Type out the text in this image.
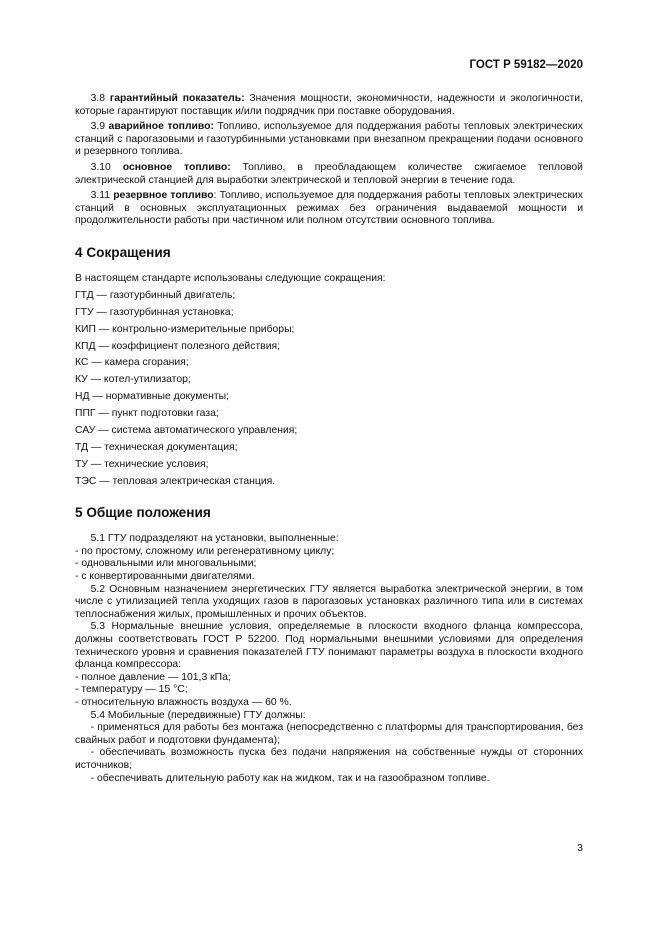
ГОСТ Р 59182—2020

  3.8 гарантийный показатель: Значения мощности, экономичности, надежности и экологичности, которые гарантируют поставщик и/или подрядчик при поставке оборудования.

  3.9 аварийное топливо: Топливо, используемое для поддержания работы тепловых электрических станций с парогазовыми и газотурбинными установками при внезапном прекращении подачи основного и резервного топлива.

  3.10 основное топливо: Топливо, в преобладающем количестве сжигаемое тепловой электрической станцией для выработки электрической и тепловой энергии в течение года.

  3.11 резервное топливо: Топливо, используемое для поддержания работы тепловых электрических станций в основных эксплуатационных режимах без ограничения выдаваемой мощности и продолжительности работы при частичном или полном отсутствии основного топлива.

4 Сокращения

В настоящем стандарте использованы следующие сокращения:

ГТД — газотурбинный двигатель;

ГТУ — газотурбинная установка;

КИП — контрольно-измерительные приборы;

КПД — коэффициент полезного действия;

КС — камера сгорания;

КУ — котел-утилизатор;

НД — нормативные документы;

ППГ — пункт подготовки газа;

САУ — система автоматического управления;

ТД — техническая документация;

ТУ — технические условия;

ТЭС — тепловая электрическая станция.

5 Общие положения

  5.1 ГТУ подразделяют на установки, выполненные:

- по простому, сложному или регенеративному циклу;

- одновальными или многовальными;

- с конвертированными двигателями.

  5.2 Основным назначением энергетических ГТУ является выработка электрической энергии, в том числе с утилизацией тепла уходящих газов в парогазовых установках различного типа или в системах теплоснабжения жилых, промышленных и прочих объектов.

  5.3 Нормальные внешние условия, определяемые в плоскости входного фланца компрессора, должны соответствовать ГОСТ Р 52200. Под нормальными внешними условиями для определения технического уровня и сравнения показателей ГТУ понимают параметры воздуха в плоскости входного фланца компрессора:

- полное давление — 101,3 кПа;

- температуру — 15 °С;

- относительную влажность воздуха — 60 %.

  5.4 Мобильные (передвижные) ГТУ должны:

  - применяться для работы без монтажа (непосредственно с платформы для транспортирования, без свайных работ и подготовки фундамента);

  - обеспечивать возможность пуска без подачи напряжения на собственные нужды от сторонних источников;

  - обеспечивать длительную работу как на жидком, так и на газообразном топливе.

3
